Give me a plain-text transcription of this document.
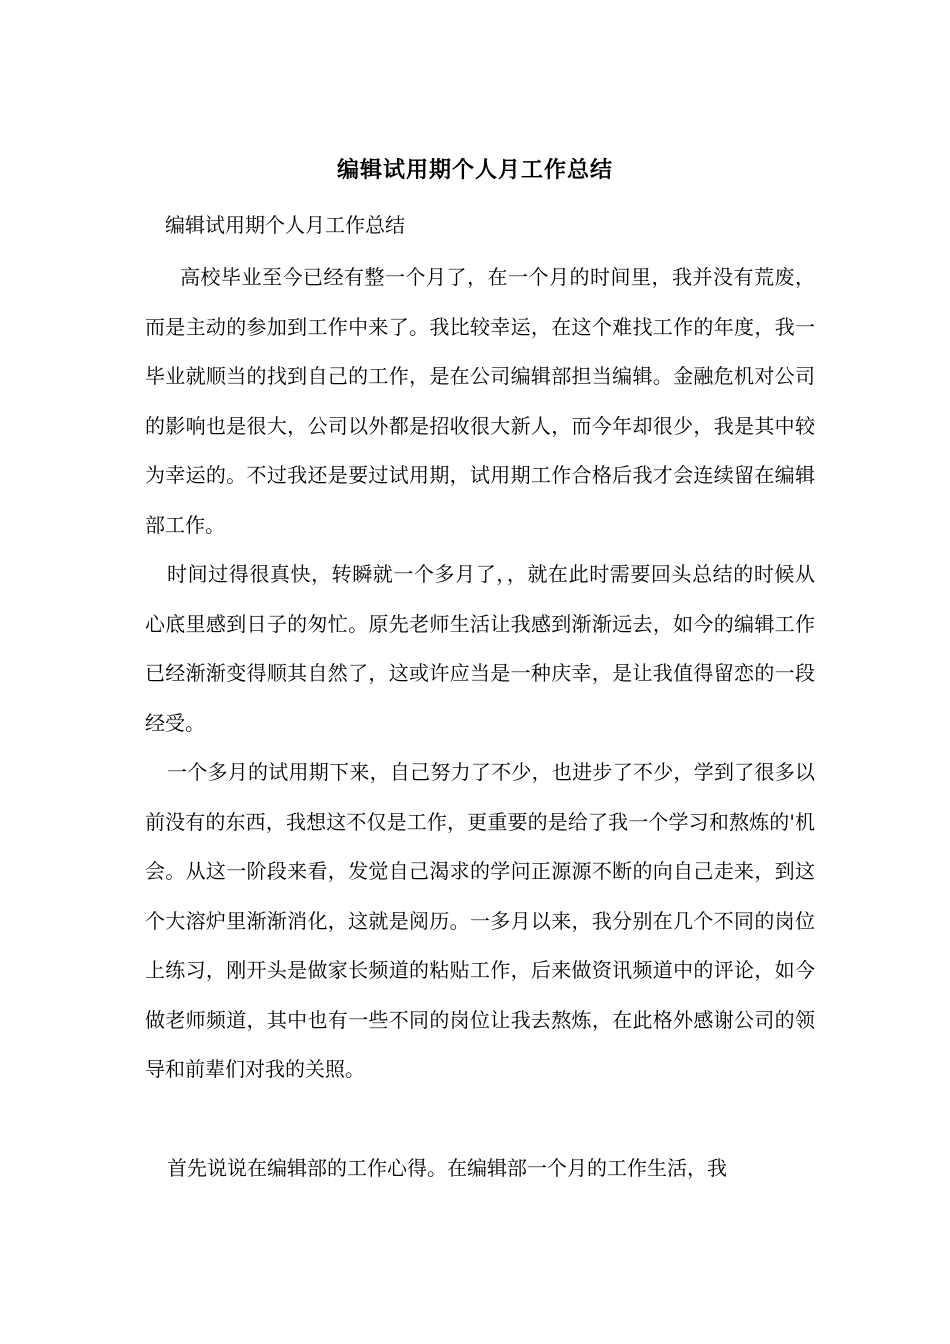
编辑试用期个人月工作总结
编辑试用期个人月工作总结

高校毕业至今已经有整一个月了，在一个月的时间里，我并没有荒废，而是主动的参加到工作中来了。我比较幸运，在这个难找工作的年度，我一毕业就顺当的找到自己的工作，是在公司编辑部担当编辑。金融危机对公司的影响也是很大，公司以外都是招收很大新人，而今年却很少，我是其中较为幸运的。不过我还是要过试用期，试用期工作合格后我才会连续留在编辑部工作。

时间过得很真快，转瞬就一个多月了，，就在此时需要回头总结的时候从心底里感到日子的匆忙。原先老师生活让我感到渐渐远去，如今的编辑工作已经渐渐变得顺其自然了，这或许应当是一种庆幸，是让我值得留恋的一段经受。

一个多月的试用期下来，自己努力了不少，也进步了不少，学到了很多以前没有的东西，我想这不仅是工作，更重要的是给了我一个学习和熬炼的'机会。从这一阶段来看，发觉自己渴求的学问正源源不断的向自己走来，到这个大溶炉里渐渐消化，这就是阅历。一多月以来，我分别在几个不同的岗位上练习，刚开头是做家长频道的粘贴工作，后来做资讯频道中的评论，如今做老师频道，其中也有一些不同的岗位让我去熬炼，在此格外感谢公司的领导和前辈们对我的关照。

首先说说在编辑部的工作心得。在编辑部一个月的工作生活，我
